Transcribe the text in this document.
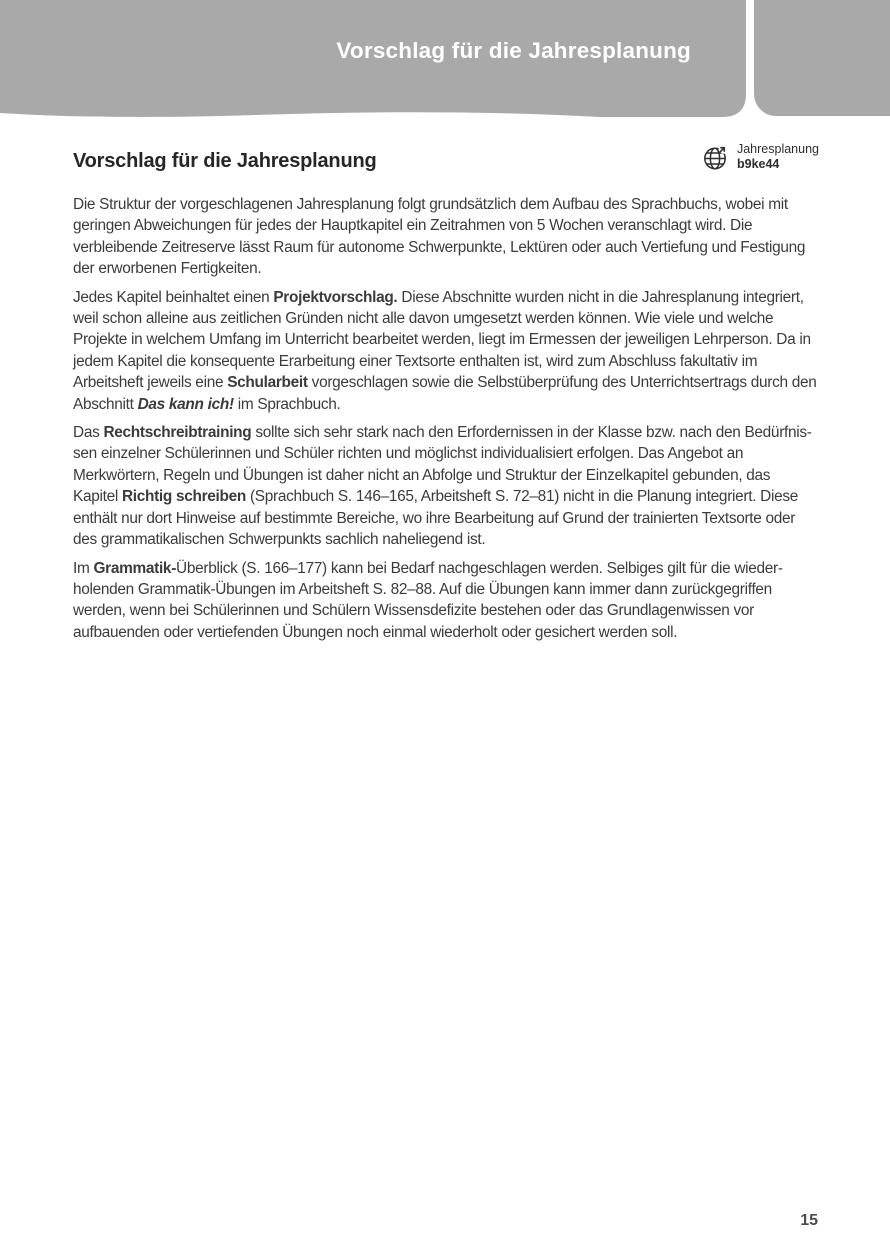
Vorschlag für die Jahresplanung
Vorschlag für die Jahresplanung
Jahresplanung
b9ke44

Die Struktur der vorgeschlagenen Jahresplanung folgt grundsätzlich dem Aufbau des Sprachbuchs, wobei mit geringen Abweichungen für jedes der Hauptkapitel ein Zeitrahmen von 5 Wochen veranschlagt wird. Die verbleibende Zeitreserve lässt Raum für autonome Schwerpunkte, Lektüren oder auch Vertiefung und Festigung der erworbenen Fertigkeiten.

Jedes Kapitel beinhaltet einen Projektvorschlag. Diese Abschnitte wurden nicht in die Jahresplanung integriert, weil schon alleine aus zeitlichen Gründen nicht alle davon umgesetzt werden können. Wie viele und welche Projekte in welchem Umfang im Unterricht bearbeitet werden, liegt im Ermessen der jeweiligen Lehrperson. Da in jedem Kapitel die konsequente Erarbeitung einer Textsorte enthalten ist, wird zum Abschluss fakultativ im Arbeitsheft jeweils eine Schularbeit vorgeschlagen sowie die Selbstüberprüfung des Unterrichtsertrags durch den Abschnitt Das kann ich! im Sprachbuch.

Das Rechtschreibtraining sollte sich sehr stark nach den Erfordernissen in der Klasse bzw. nach den Bedürfnissen einzelner Schülerinnen und Schüler richten und möglichst individualisiert erfolgen. Das Angebot an Merkwörtern, Regeln und Übungen ist daher nicht an Abfolge und Struktur der Einzelkapitel gebunden, das Kapitel Richtig schreiben (Sprachbuch S. 146–165, Arbeitsheft S. 72–81) nicht in die Planung integriert. Diese enthält nur dort Hinweise auf bestimmte Bereiche, wo ihre Bearbeitung auf Grund der trainierten Textsorte oder des grammatikalischen Schwerpunkts sachlich naheliegend ist.

Im Grammatik-Überblick (S. 166–177) kann bei Bedarf nachgeschlagen werden. Selbiges gilt für die wiederholenden Grammatik-Übungen im Arbeitsheft S. 82–88. Auf die Übungen kann immer dann zurückgegriffen werden, wenn bei Schülerinnen und Schülern Wissensdefizite bestehen oder das Grundlagenwissen vor aufbauenden oder vertiefenden Übungen noch einmal wiederholt oder gesichert werden soll.

15
